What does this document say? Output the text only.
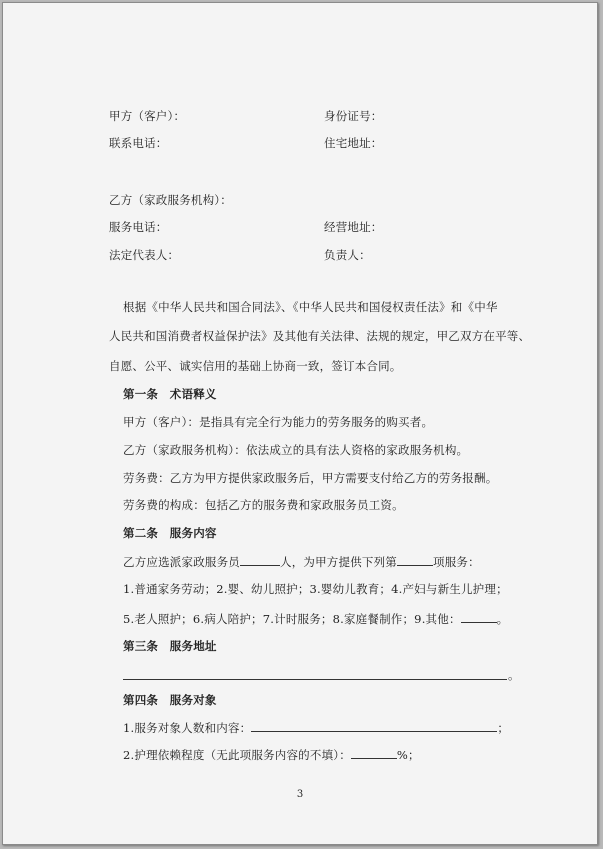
甲方（客户）：	身份证号：
联系电话：	住宅地址：
乙方（家政服务机构）：
服务电话：	经营地址：
法定代表人：	负责人：
根据《中华人民共和国合同法》、《中华人民共和国侵权责任法》和《中华
人民共和国消费者权益保护法》及其他有关法律、法规的规定，甲乙双方在平等、
自愿、公平、诚实信用的基础上协商一致，签订本合同。
第一条　术语释义
甲方（客户）：是指具有完全行为能力的劳务服务的购买者。
乙方（家政服务机构）：依法成立的具有法人资格的家政服务机构。
劳务费：乙方为甲方提供家政服务后，甲方需要支付给乙方的劳务报酬。
劳务费的构成：包括乙方的服务费和家政服务员工资。
第二条　服务内容
乙方应选派家政服务员	人，为甲方提供下列第	项服务：
1.普通家务劳动；2.婴、幼儿照护；3.婴幼儿教育；4.产妇与新生儿护理；
5.老人照护；6.病人陪护；7.计时服务；8.家庭餐制作；9.其他：	。
第三条　服务地址
。
第四条　服务对象
1.服务对象人数和内容：	；
2.护理依赖程度（无此项服务内容的不填）：	%；
3
